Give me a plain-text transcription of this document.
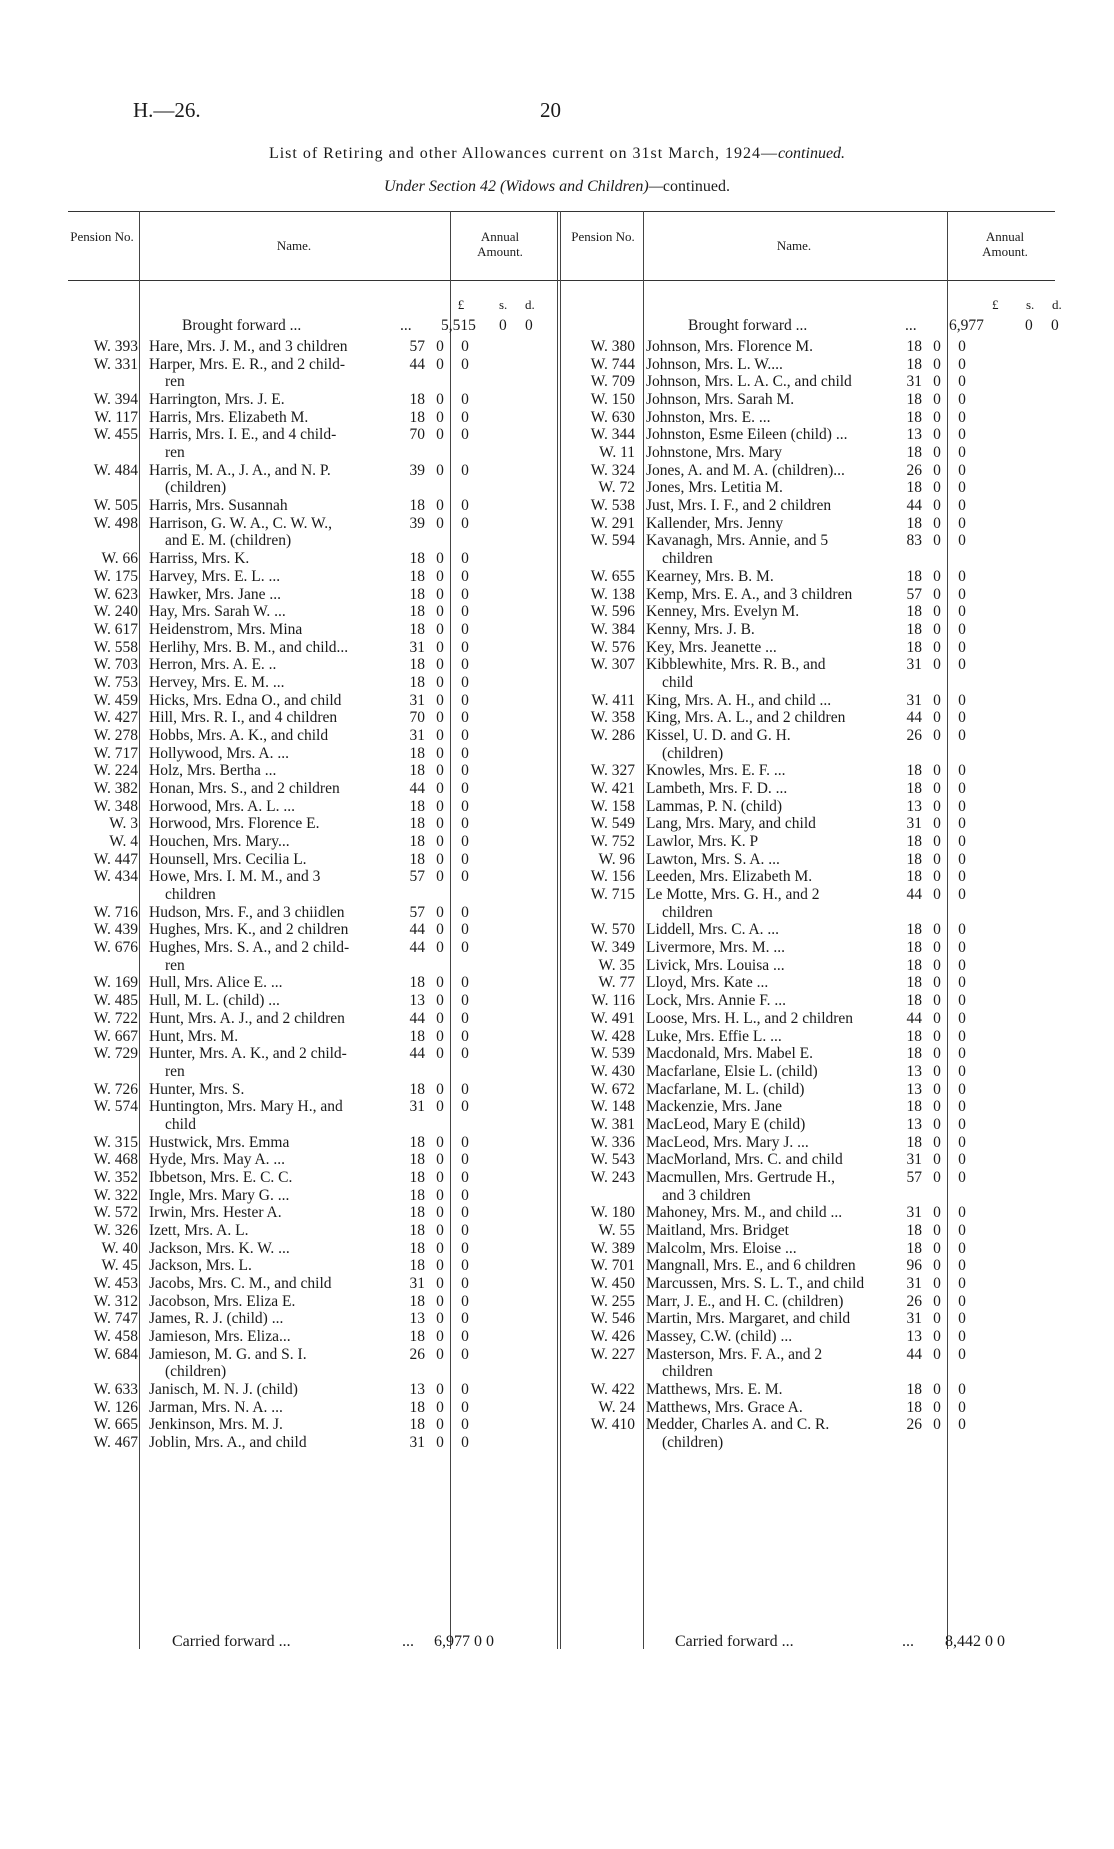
H.—26.	20
List of Retiring and other Allowances current on 31st March, 1924—continued.
Under Section 42 (Widows and Children)—continued.
Pension No.
Name.
Annual Amount.
Pension No.
Name.
Annual Amount.
£	s. d.	£ s. d.
Brought forward ...	... 5,515 0 0	Brought forward ...	... 6,977	0 0
W. 393 Hare, Mrs. J. M., and 3 children	57 0	0
W. 331 Harper, Mrs. E. R., and 2 child-	44 0	0
ren
W. 394 Harrington, Mrs. J. E.	18 0	0
W. 117 Harris, Mrs. Elizabeth M.	18 0	0
W. 455 Harris, Mrs. I. E., and 4 child-	70 0	0
ren
W. 484 Harris, M. A., J. A., and N. P.	39 0	0
(children)
W. 505 Harris, Mrs. Susannah	18 0	0
W. 498 Harrison, G. W. A., C. W. W.,	39 0	0
and E. M. (children)
W. 66 Harriss, Mrs. K.	18 0	0
W. 175 Harvey, Mrs. E. L. ...	18 0	0
W. 623 Hawker, Mrs. Jane ...	18 0	0
W. 240 Hay, Mrs. Sarah W. ...	18 0	0
W. 617 Heidenstrom, Mrs. Mina	18 0	0
W. 558 Herlihy, Mrs. B. M., and child...	31 0	0
W. 703 Herron, Mrs. A. E. ..	18 0	0
W. 753 Hervey, Mrs. E. M. ...	18 0	0
W. 459 Hicks, Mrs. Edna O., and child	31 0	0
W. 427 Hill, Mrs. R. I., and 4 children	70 0	0
W. 278 Hobbs, Mrs. A. K., and child	31 0	0
W. 717 Hollywood, Mrs. A. ...	18 0	0
W. 224 Holz, Mrs. Bertha ...	18 0	0
W. 382 Honan, Mrs. S., and 2 children	44 0	0
W. 348 Horwood, Mrs. A. L. ...	18 0	0
W. 3 Horwood, Mrs. Florence E.	18 0	0
W. 4 Houchen, Mrs. Mary...	18 0	0
W. 447 Hounsell, Mrs. Cecilia L.	18 0	0
W. 434 Howe, Mrs. I. M. M., and 3	57 0	0
children
W. 716 Hudson, Mrs. F., and 3 chiidlen	57 0	0
W. 439 Hughes, Mrs. K., and 2 children	44 0	0
W. 676 Hughes, Mrs. S. A., and 2 child-	44 0	0
ren
W. 169 Hull, Mrs. Alice E. ...	18 0	0
W. 485 Hull, M. L. (child) ...	13 0	0
W. 722 Hunt, Mrs. A. J., and 2 children	44 0	0
W. 667 Hunt, Mrs. M.	18 0	0
W. 729 Hunter, Mrs. A. K., and 2 child-	44 0	0
ren
W. 726 Hunter, Mrs. S.	18 0	0
W. 574 Huntington, Mrs. Mary H., and	31 0	0
child
W. 315 Hustwick, Mrs. Emma	18 0	0
W. 468 Hyde, Mrs. May A. ...	18 0	0
W. 352 Ibbetson, Mrs. E. C. C.	18 0	0
W. 322 Ingle, Mrs. Mary G. ...	18 0	0
W. 572 Irwin, Mrs. Hester A.	18 0	0
W. 326 Izett, Mrs. A. L.	18 0	0
W. 40 Jackson, Mrs. K. W. ...	18 0	0
W. 45 Jackson, Mrs. L.	18 0	0
W. 453 Jacobs, Mrs. C. M., and child	31 0	0
W. 312 Jacobson, Mrs. Eliza E.	18 0	0
W. 747 James, R. J. (child) ...	13 0	0
W. 458 Jamieson, Mrs. Eliza...	18 0	0
W. 684 Jamieson, M. G. and S. I.	26 0	0
(children)
W. 633 Janisch, M. N. J. (child)	13 0	0
W. 126 Jarman, Mrs. N. A. ...	18 0	0
W. 665 Jenkinson, Mrs. M. J.	18 0	0
W. 467 Joblin, Mrs. A., and child	31 0	0
W. 380 Johnson, Mrs. Florence M.	18 0	0
W. 744 Johnson, Mrs. L. W....	18 0	0
W. 709 Johnson, Mrs. L. A. C., and child	31 0	0
W. 150 Johnson, Mrs. Sarah M.	18 0	0
W. 630 Johnston, Mrs. E. ...	18 0	0
W. 344 Johnston, Esme Eileen (child) ...	13 0	0
W. 11 Johnstone, Mrs. Mary	18 0	0
W. 324 Jones, A. and M. A. (children)...	26 0	0
W. 72 Jones, Mrs. Letitia M.	18 0	0
W. 538 Just, Mrs. I. F., and 2 children	44 0	0
W. 291 Kallender, Mrs. Jenny	18 0	0
W. 594 Kavanagh, Mrs. Annie, and 5	83 0	0
children
W. 655 Kearney, Mrs. B. M.	18 0	0
W. 138 Kemp, Mrs. E. A., and 3 children	57 0	0
W. 596 Kenney, Mrs. Evelyn M.	18 0	0
W. 384 Kenny, Mrs. J. B.	18 0	0
W. 576 Key, Mrs. Jeanette ...	18 0	0
W. 307 Kibblewhite, Mrs. R. B., and	31 0	0
child
W. 411 King, Mrs. A. H., and child ...	31 0	0
W. 358 King, Mrs. A. L., and 2 children	44 0	0
W. 286 Kissel, U. D. and G. H.	26 0	0
(children)
W. 327 Knowles, Mrs. E. F. ...	18 0	0
W. 421 Lambeth, Mrs. F. D. ...	18 0	0
W. 158 Lammas, P. N. (child)	13 0	0
W. 549 Lang, Mrs. Mary, and child	31 0	0
W. 752 Lawlor, Mrs. K. P	18 0	0
W. 96 Lawton, Mrs. S. A. ...	18 0	0
W. 156 Leeden, Mrs. Elizabeth M.	18 0	0
W. 715 Le Motte, Mrs. G. H., and 2	44 0	0
children
W. 570 Liddell, Mrs. C. A. ...	18 0	0
W. 349 Livermore, Mrs. M. ...	18 0	0
W. 35 Livick, Mrs. Louisa ...	18 0	0
W. 77 Lloyd, Mrs. Kate ...	18 0	0
W. 116 Lock, Mrs. Annie F. ...	18 0	0
W. 491 Loose, Mrs. H. L., and 2 children	44 0	0
W. 428 Luke, Mrs. Effie L. ...	18 0	0
W. 539 Macdonald, Mrs. Mabel E.	18 0	0
W. 430 Macfarlane, Elsie L. (child)	13 0	0
W. 672 Macfarlane, M. L. (child)	13 0	0
W. 148 Mackenzie, Mrs. Jane	18 0	0
W. 381 MacLeod, Mary E (child)	13 0	0
W. 336 MacLeod, Mrs. Mary J. ...	18 0	0
W. 543 MacMorland, Mrs. C. and child	31 0	0
W. 243 Macmullen, Mrs. Gertrude H.,	57 0	0
and 3 children
W. 180 Mahoney, Mrs. M., and child ...	31 0	0
W. 55 Maitland, Mrs. Bridget	18 0	0
W. 389 Malcolm, Mrs. Eloise ...	18 0	0
W. 701 Mangnall, Mrs. E., and 6 children	96 0	0
W. 450 Marcussen, Mrs. S. L. T., and child	31 0	0
W. 255 Marr, J. E., and H. C. (children)	26 0	0
W. 546 Martin, Mrs. Margaret, and child	31 0	0
W. 426 Massey, C.W. (child) ...	13 0	0
W. 227 Masterson, Mrs. F. A., and 2	44 0	0
children
W. 422 Matthews, Mrs. E. M.	18 0	0
W. 24 Matthews, Mrs. Grace A.	18 0	0
W. 410 Medder, Charles A. and C. R.	26 0	0
(children)
Carried forward ...	... 6,977 0 0	Carried forward ...	... 8,442 0 0
